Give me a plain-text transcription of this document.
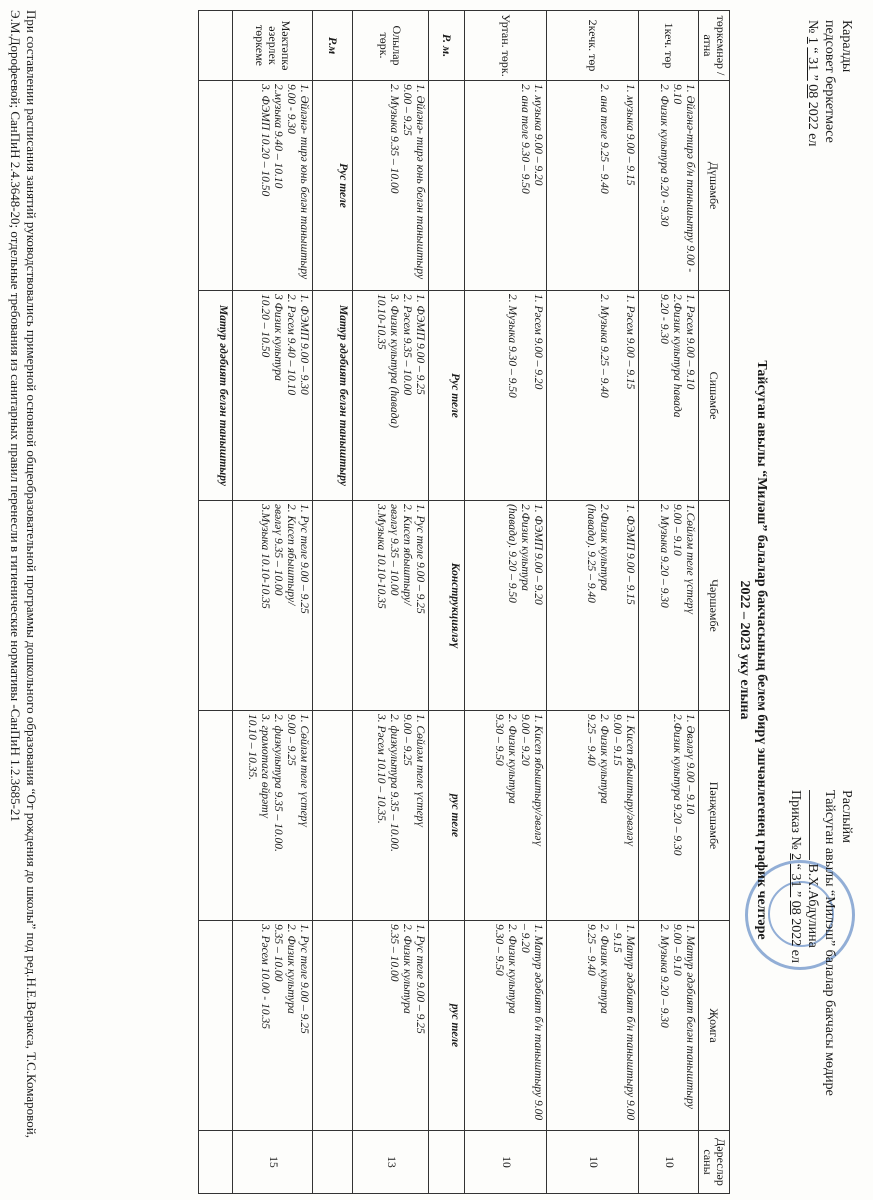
Каралды
педсовет беркетмәсе
№ 1 “ 31 ” 08 2022 ел
Раслыйм
Тайсуган авылы “Милэш” балалар бакчасы мөдире
В.Х.Абдулина
Приказ № 2 “ 31 ” 08 2022 ел
Тайсуган авылы “Миләш” балалар бакчасының белем бирү эшчәнлегенең график челтәре
2022 – 2023 уку елына
төркемнәр /атна	Дүшәмбе	Сишәмбе	Чәршәмбе	Пәнҗешәмбе	Җомга	Дәресләр саны
1кеч. төр	1. Әйләнә-тирә б/н танышытру 9.00 - 9.10
2. Физик культура 9.20 - 9.30	1. Рәсем 9.00 – 9.10
2.Физик культура һавада
9.20 - 9.30	1.Сөйләм теле үстерү
9.00 – 9.10
2. Музыка 9.20 – 9.30	1. Әвәләү 9.00 – 9.10
2.Физик культура 9.20 – 9.30	1. Матур әдәбият белән таныштыру 9.00 – 9.10
2. Музыка 9.20 – 9.30	10
2кечк. төр	1. музыка 9.00 – 9.15

2. ана теле 9.25 – 9.40	1. Рәсем 9.00 – 9.15

2. Музыка 9.25 – 9.40	1. ФЭМП 9.00 – 9.15

2.Физик культура
(һавада). 9.25 – 9.40	1. Кисеп ябыштыру/әвәләү
9.00 – 9.15
2. Физик культура
9.25 – 9.40	1. Матур әдәбият б/н таныштыру 9.00 – 9.15
2. Физик культура
9.25 – 9.40	10
Уртан. төрк.	1. музыка 9.00 – 9.20
2. ана теле 9.30 – 9.50	1. Рәсем 9.00 – 9.20

2. Музыка 9.30 – 9.50	1. ФЭМП 9.00 – 9.20
2.Физик культура
(һавада). 9.20 – 9.50	1. Кисеп ябыштыру/әвәләү
9.00 – 9.20
2. Физик культура
9.30 – 9.50	1. Матур әдәбият б/н таныштыру 9.00 – 9.20
2. Физик культура
9.30 – 9.50	10
Р. м.		Рус теле	Конструкцияләү	рус теле	рус теле	
Олылар төрк.	1. Әйләнә- тирә юнь белән таныштыру 9.00 – 9.25
2. Музыка 9.35 – 10.00	1. ФЭМП 9.00 – 9.25
2. Рәсем 9.35 – 10.00
3. Физик культура (һавада)
10.10-10.35	1. Рус теле 9.00 – 9.25
2. Кисеп ябыштыру/
әвәләү 9.35 – 10.00
3.Музыка 10.10-10.35	1. Сөйләм теле үстерү
9.00 – 9.25
2. физкультура 9.35 – 10.00.
3. Рәсем 10.10 – 10.35.	1. Рус теле 9.00 – 9.25
2. Физик культура
9.35 – 10.00	13
Р.м	Рус теле	Матур әдәбият белән таныштыру				
Мәктәпкә әзерлек төркеме	1. Әйләнә- тирә юнь белән таныштыру 9.00 - 9.30
2.музыка 9.40 – 10.10
3. ФЭМП 10.20 – 10.50	1. ФЭМП 9.00 – 9.30
2. Рәсем 9.40 – 10.10
3 Физик культура
10.20 – 10.50	1. Рус теле 9.00 – 9.25
2. Кисеп ябыштыру/
әвәләү 9.35 – 10.00
3.Музыка 10.10-10.35	1. Сөйләм теле үстерү
9.00 – 9.25
2. физкультура 9.35 – 10.00.
3. грамотага өйрәтү
10.10 – 10.35.	1. Рус теле 9.00 – 9.25
2. Физик культура
9.35 – 10.00
3. Рәсем 10.00 - 10.35	15
		Матур әдәбият белән таныштыру				
При составлении расписания занятий руководствовались примерной основной общеобразовательной программы дошкольного образования “От рождения до школы” под ред.Н.Е.Веракса, Т.С.Комаровой, Э.М.Дорофеевой; СанПиН 2.4.3648-20; отдельные требования из санитарных правил перенесли в гигиенические нормативы -СанПиН 1.2.3685-21
